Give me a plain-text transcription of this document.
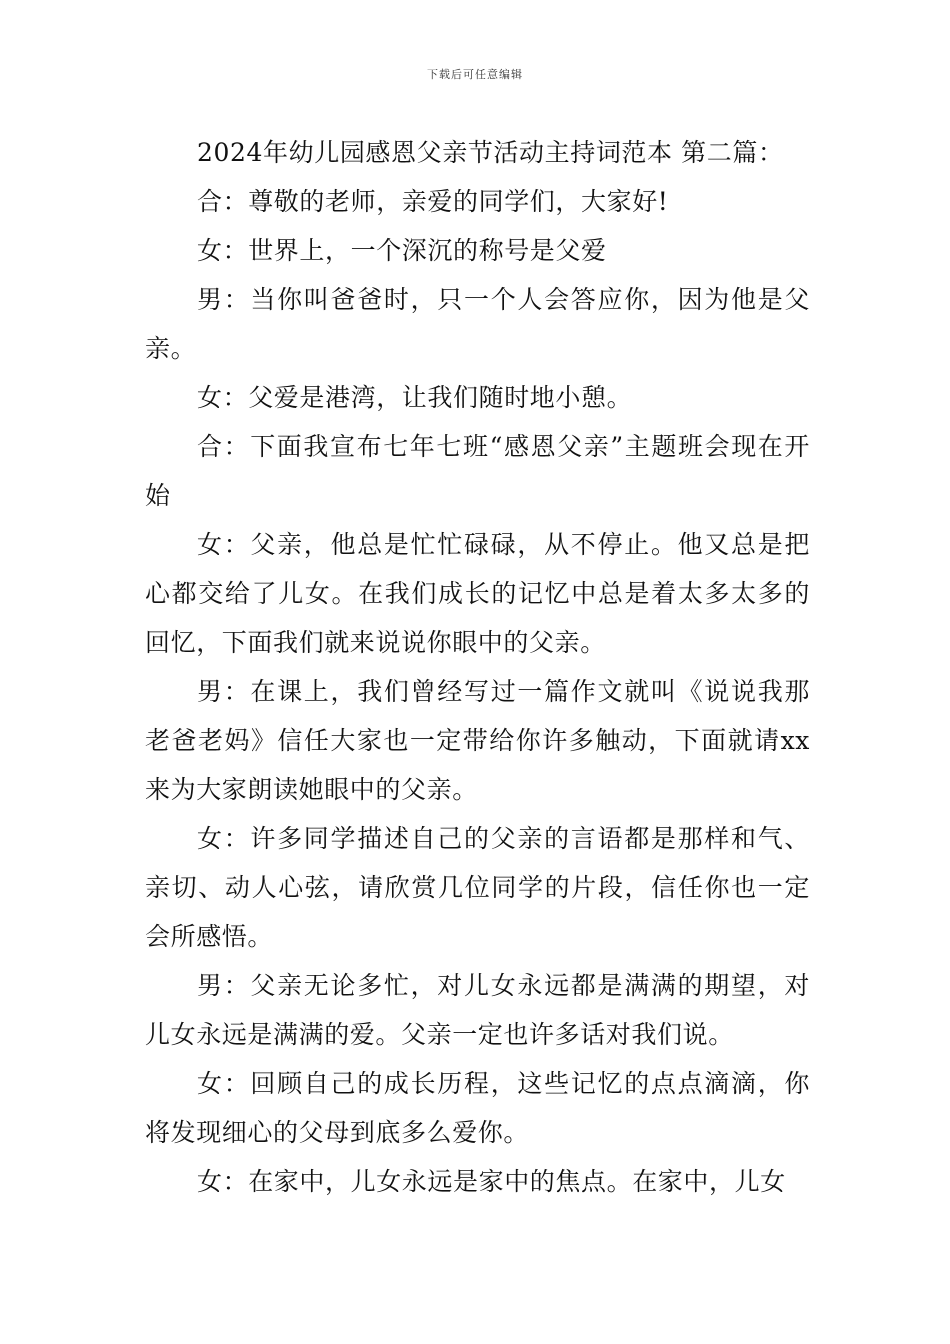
下载后可任意编辑

2024年幼儿园感恩父亲节活动主持词范本 第二篇：

合：尊敬的老师，亲爱的同学们，大家好!

女：世界上，一个深沉的称号是父爱

男：当你叫爸爸时，只一个人会答应你，因为他是父亲。

女：父爱是港湾，让我们随时地小憩。

合：下面我宣布七年七班“感恩父亲”主题班会现在开始

女：父亲，他总是忙忙碌碌，从不停止。他又总是把心都交给了儿女。在我们成长的记忆中总是着太多太多的回忆，下面我们就来说说你眼中的父亲。

男：在课上，我们曾经写过一篇作文就叫《说说我那老爸老妈》信任大家也一定带给你许多触动，下面就请xx来为大家朗读她眼中的父亲。

女：许多同学描述自己的父亲的言语都是那样和气、亲切、动人心弦，请欣赏几位同学的片段，信任你也一定会所感悟。

男：父亲无论多忙，对儿女永远都是满满的期望，对儿女永远是满满的爱。父亲一定也许多话对我们说。

女：回顾自己的成长历程，这些记忆的点点滴滴，你将发现细心的父母到底多么爱你。

女：在家中，儿女永远是家中的焦点。在家中，儿女
